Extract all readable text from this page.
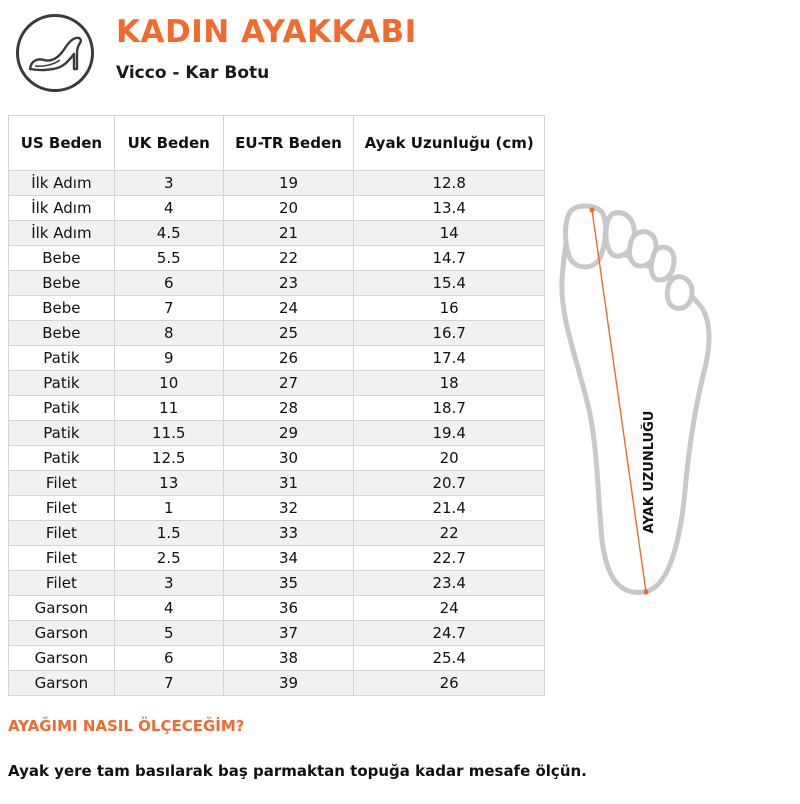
KADIN AYAKKABI
Vicco - Kar Botu
US Beden	UK Beden	EU-TR Beden	Ayak Uzunluğu (cm)
İlk Adım	3	19	12.8
İlk Adım	4	20	13.4
İlk Adım	4.5	21	14
Bebe	5.5	22	14.7
Bebe	6	23	15.4
Bebe	7	24	16
Bebe	8	25	16.7
Patik	9	26	17.4
Patik	10	27	18
Patik	11	28	18.7
Patik	11.5	29	19.4
Patik	12.5	30	20
Filet	13	31	20.7
Filet	1	32	21.4
Filet	1.5	33	22
Filet	2.5	34	22.7
Filet	3	35	23.4
Garson	4	36	24
Garson	5	37	24.7
Garson	6	38	25.4
Garson	7	39	26
AYAK UZUNLUĞU
AYAĞIMI NASIL ÖLÇECEĞİM?
Ayak yere tam basılarak baş parmaktan topuğa kadar mesafe ölçün.
